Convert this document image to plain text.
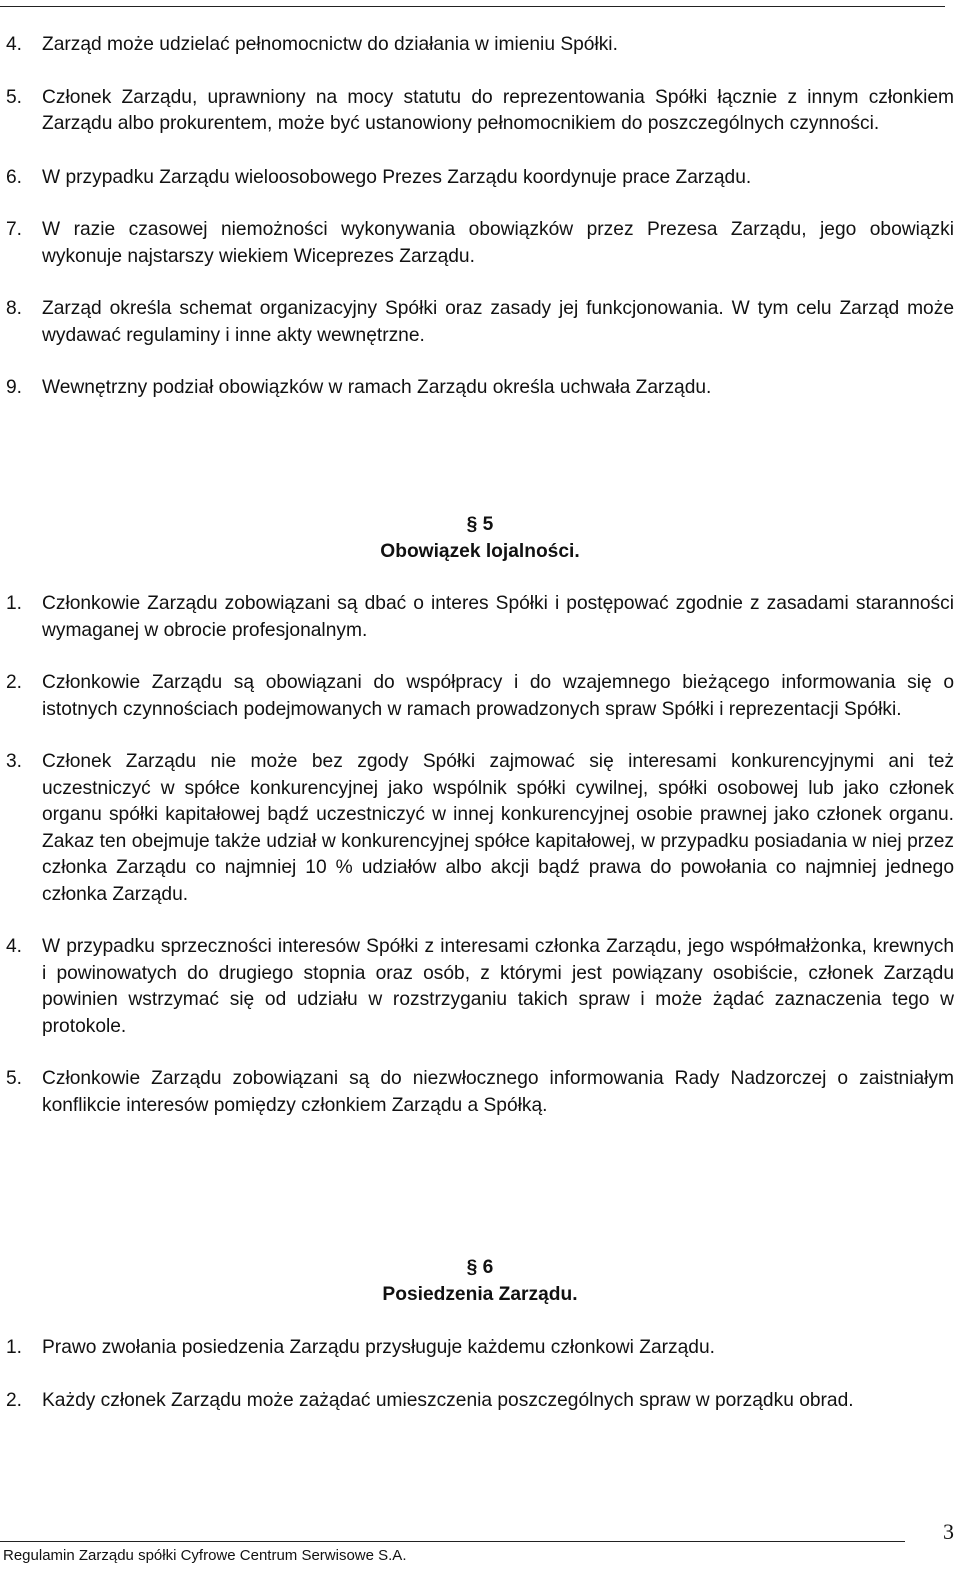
4. Zarząd może udzielać pełnomocnictw do działania w imieniu Spółki.
5. Członek Zarządu, uprawniony na mocy statutu do reprezentowania Spółki łącznie z innym członkiem Zarządu albo prokurentem, może być ustanowiony pełnomocnikiem do poszczególnych czynności.
6. W przypadku Zarządu wieloosobowego Prezes Zarządu koordynuje prace Zarządu.
7. W razie czasowej niemożności wykonywania obowiązków przez Prezesa Zarządu, jego obowiązki wykonuje najstarszy wiekiem Wiceprezes Zarządu.
8. Zarząd określa schemat organizacyjny Spółki oraz zasady jej funkcjonowania. W tym celu Zarząd może wydawać regulaminy i inne akty wewnętrzne.
9. Wewnętrzny podział obowiązków w ramach Zarządu określa uchwała Zarządu.
§ 5
Obowiązek lojalności.
1. Członkowie Zarządu zobowiązani są dbać o interes Spółki i postępować zgodnie z zasadami staranności wymaganej w obrocie profesjonalnym.
2. Członkowie Zarządu są obowiązani do współpracy i do wzajemnego bieżącego informowania się o istotnych czynnościach podejmowanych w ramach prowadzonych spraw Spółki i reprezentacji Spółki.
3. Członek Zarządu nie może bez zgody Spółki zajmować się interesami konkurencyjnymi ani też uczestniczyć w spółce konkurencyjnej jako wspólnik spółki cywilnej, spółki osobowej lub jako członek organu spółki kapitałowej bądź uczestniczyć w innej konkurencyjnej osobie prawnej jako członek organu. Zakaz ten obejmuje także udział w konkurencyjnej spółce kapitałowej, w przypadku posiadania w niej przez członka Zarządu co najmniej 10 % udziałów albo akcji bądź prawa do powołania co najmniej jednego członka Zarządu.
4. W przypadku sprzeczności interesów Spółki z interesami członka Zarządu, jego współmałżonka, krewnych i powinowatych do drugiego stopnia oraz osób, z którymi jest powiązany osobiście, członek Zarządu powinien wstrzymać się od udziału w rozstrzyganiu takich spraw i może żądać zaznaczenia tego w protokole.
5. Członkowie Zarządu zobowiązani są do niezwłocznego informowania Rady Nadzorczej o zaistniałym konflikcie interesów pomiędzy członkiem Zarządu a Spółką.
§ 6
Posiedzenia Zarządu.
1. Prawo zwołania posiedzenia Zarządu przysługuje każdemu członkowi Zarządu.
2. Każdy członek Zarządu może zażądać umieszczenia poszczególnych spraw w porządku obrad.
3
Regulamin Zarządu spółki Cyfrowe Centrum Serwisowe S.A.
